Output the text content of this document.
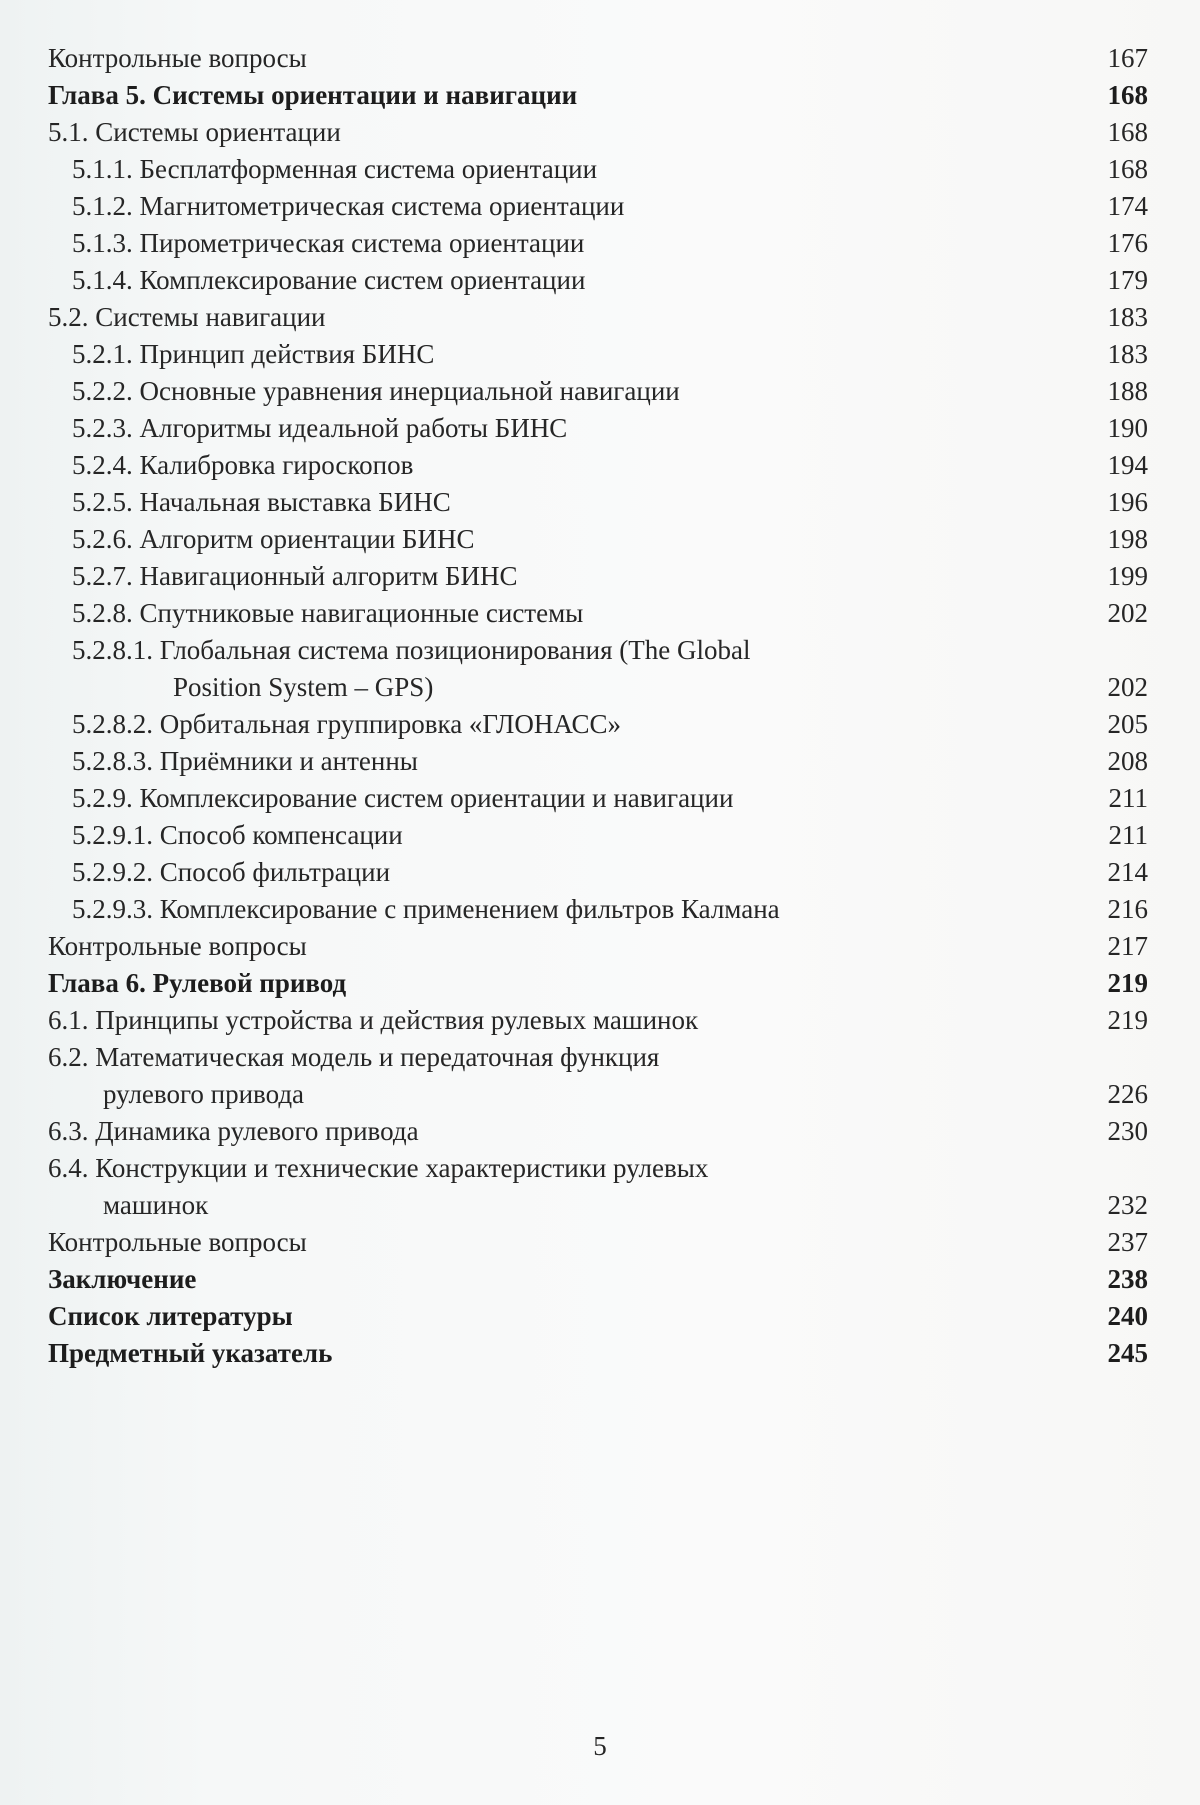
Контрольные вопросы	167
Глава 5. Системы ориентации и навигации	168
5.1. Системы ориентации	168
5.1.1. Бесплатформенная система ориентации	168
5.1.2. Магнитометрическая система ориентации	174
5.1.3. Пирометрическая система ориентации	176
5.1.4. Комплексирование систем ориентации	179
5.2. Системы навигации	183
5.2.1. Принцип действия БИНС	183
5.2.2. Основные уравнения инерциальной навигации	188
5.2.3. Алгоритмы идеальной работы БИНС	190
5.2.4. Калибровка гироскопов	194
5.2.5. Начальная выставка БИНС	196
5.2.6. Алгоритм ориентации БИНС	198
5.2.7. Навигационный алгоритм БИНС	199
5.2.8. Спутниковые навигационные системы	202
5.2.8.1. Глобальная система позиционирования (The Global
Position System – GPS)	202
5.2.8.2. Орбитальная группировка «ГЛОНАСС»	205
5.2.8.3. Приёмники и антенны	208
5.2.9. Комплексирование систем ориентации и навигации	211
5.2.9.1. Способ компенсации	211
5.2.9.2. Способ фильтрации	214
5.2.9.3. Комплексирование с применением фильтров Калмана	216
Контрольные вопросы	217
Глава 6. Рулевой привод	219
6.1. Принципы устройства и действия рулевых машинок	219
6.2. Математическая модель и передаточная функция
рулевого привода	226
6.3. Динамика рулевого привода	230
6.4. Конструкции и технические характеристики рулевых
машинок	232
Контрольные вопросы	237
Заключение	238
Список литературы	240
Предметный указатель	245
5
